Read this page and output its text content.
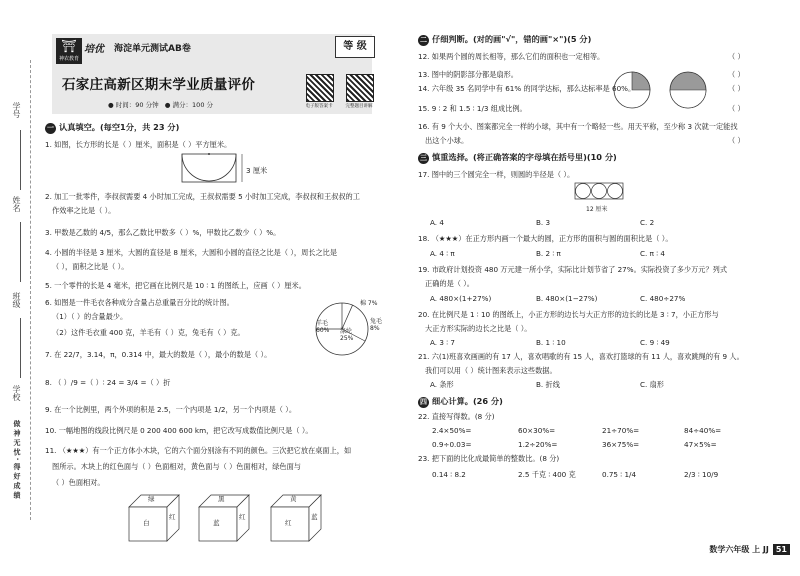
学号
姓名
班级
学校
做 神 无 忧 · 得 好 成 绩
⛩
神农教育
培优 海淀单元测试AB卷	等 级
石家庄高新区期末学业质量评价
● 时间：90 分钟 ● 满分：100 分	电子版答案卡	完整题目讲解
一 认真填空。(每空1分，共 23 分)
1. 如图，长方形的长是（ ）厘米，面积是（ ）平方厘米。
3 厘米
2. 加工一批零件，李叔叔需要 4 小时加工完成，王叔叔需要 5 小时加工完成，李叔叔和王叔叔的工
作效率之比是（ ）。
3. 甲数是乙数的 4/5，那么乙数比甲数多（ ）%，甲数比乙数少（ ）%。
4. 小圆的半径是 3 厘米，大圆的直径是 8 厘米，大圆和小圆的直径之比是（ ），周长之比是
（ ），面积之比是（ ）。
5. 一个零件的长是 4 毫米，把它画在比例尺是 10 ∶ 1 的图纸上，应画（ ）厘米。
6. 如图是一件毛衣各种成分含量占总重量百分比的统计图。
（1）（ ）的含量最少。
（2）这件毛衣重 400 克，羊毛有（ ）克，兔毛有（ ）克。
棉 7%
羊毛 60%	涤纶 25%
兔毛 8%
7. 在 22/7，3.14，π，0.314 中，最大的数是（ ），最小的数是（ ）。
8. （ ）/9 =（ ）∶ 24 = 3/4 =（ ）折
9. 在一个比例里，两个外项的积是 2.5，一个内项是 1/2，另一个内项是（ ）。
10. 一幅地图的线段比例尺是 0 200 400 600 km，把它改写成数值比例尺是（ ）。
11. （★★★）有一个正方体小木块，它的六个面分别涂有不同的颜色。三次把它放在桌面上，如
图所示。木块上的红色面与（ ）色面相对，黄色面与（ ）色面相对，绿色面与
（ ）色面相对。
绿
白
红
黑
蓝
红
黄
红
蓝
二 仔细判断。(对的画"√"，错的画"×")(5 分)
12. 如果两个圆的周长相等，那么它们的面积也一定相等。	（ ）
13. 图中的阴影部分都是扇形。	（ ）
14. 六年级 35 名同学中有 61% 的同学达标，那么达标率是 60%。	（ ）
15. 9 ∶ 2 和 1.5 ∶ 1/3 组成比例。	（ ）
16. 有 9 个大小、图案都完全一样的小球，其中有一个略轻一些。用天平称，至少称 3 次就一定能找
出这个小球。	（ ）
三 慎重选择。(将正确答案的字母填在括号里)(10 分)
17. 图中的三个圆完全一样，则圆的半径是（ ）。
12 厘米
A. 4	B. 3	C. 2
18. （★★★）在正方形内画一个最大的圆，正方形的面积与圆的面积比是（ ）。
A. 4 ∶ π	B. 2 ∶ π	C. π ∶ 4
19. 市政府计划投资 480 万元建一所小学，实际比计划节省了 27%。实际投资了多少万元？列式
正确的是（ ）。
A. 480×(1+27%)	B. 480×(1−27%)	C. 480÷27%
20. 在比例尺是 1 ∶ 10 的图纸上，小正方形的边长与大正方形的边长的比是 3 ∶ 7，小正方形与
大正方形实际的边长之比是（ ）。
A. 3 ∶ 7	B. 1 ∶ 10	C. 9 ∶ 49
21. 六(1)班喜欢画画的有 17 人，喜欢唱歌的有 15 人，喜欢打篮球的有 11 人，喜欢跳绳的有 9 人。
我们可以用（ ）统计图来表示这些数据。
A. 条形	B. 折线	C. 扇形
四 细心计算。(26 分)
22. 直接写得数。(8 分)
2.4×50%=	60×30%=	21÷70%=	84÷40%=
0.9÷0.03=	1.2÷20%=	36×75%=	47×5%=
23. 把下面的比化成最简单的整数比。(8 分)
0.14 ∶ 8.2	2.5 千克 ∶ 400 克	0.75 ∶ 1/4	2/3 ∶ 10/9
数学六年级 上 JJ 51
